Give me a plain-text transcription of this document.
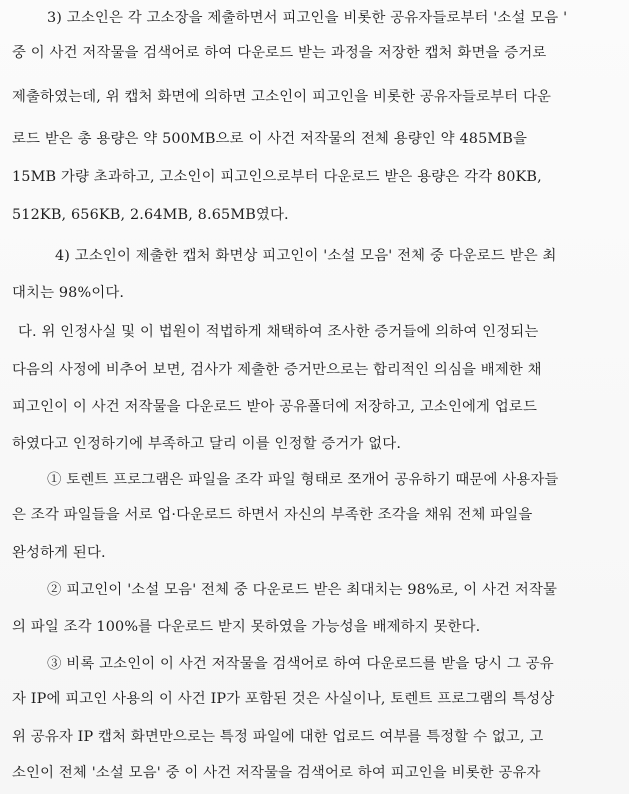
3) 고소인은 각 고소장을 제출하면서 피고인을 비롯한 공유자들로부터 '소설 모음 '
중 이 사건 저작물을 검색어로 하여 다운로드 받는 과정을 저장한 캡처 화면을 증거로
제출하였는데, 위 캡처 화면에 의하면 고소인이 피고인을 비롯한 공유자들로부터 다운
로드 받은 총 용량은 약 500MB으로 이 사건 저작물의 전체 용량인 약 485MB을
15MB 가량 초과하고, 고소인이 피고인으로부터 다운로드 받은 용량은 각각 80KB,
512KB, 656KB, 2.64MB, 8.65MB였다.
4) 고소인이 제출한 캡처 화면상 피고인이 '소설 모음' 전체 중 다운로드 받은 최
대치는 98%이다.
다. 위 인정사실 및 이 법원이 적법하게 채택하여 조사한 증거들에 의하여 인정되는
다음의 사정에 비추어 보면, 검사가 제출한 증거만으로는 합리적인 의심을 배제한 채
피고인이 이 사건 저작물을 다운로드 받아 공유폴더에 저장하고, 고소인에게 업로드
하였다고 인정하기에 부족하고 달리 이를 인정할 증거가 없다.
① 토렌트 프로그램은 파일을 조각 파일 형태로 쪼개어 공유하기 때문에 사용자들
은 조각 파일들을 서로 업·다운로드 하면서 자신의 부족한 조각을 채워 전체 파일을
완성하게 된다.
② 피고인이 '소설 모음' 전체 중 다운로드 받은 최대치는 98%로, 이 사건 저작물
의 파일 조각 100%를 다운로드 받지 못하였을 가능성을 배제하지 못한다.
③ 비록 고소인이 이 사건 저작물을 검색어로 하여 다운로드를 받을 당시 그 공유
자 IP에 피고인 사용의 이 사건 IP가 포함된 것은 사실이나, 토렌트 프로그램의 특성상
위 공유자 IP 캡처 화면만으로는 특정 파일에 대한 업로드 여부를 특정할 수 없고, 고
소인이 전체 '소설 모음' 중 이 사건 저작물을 검색어로 하여 피고인을 비롯한 공유자
